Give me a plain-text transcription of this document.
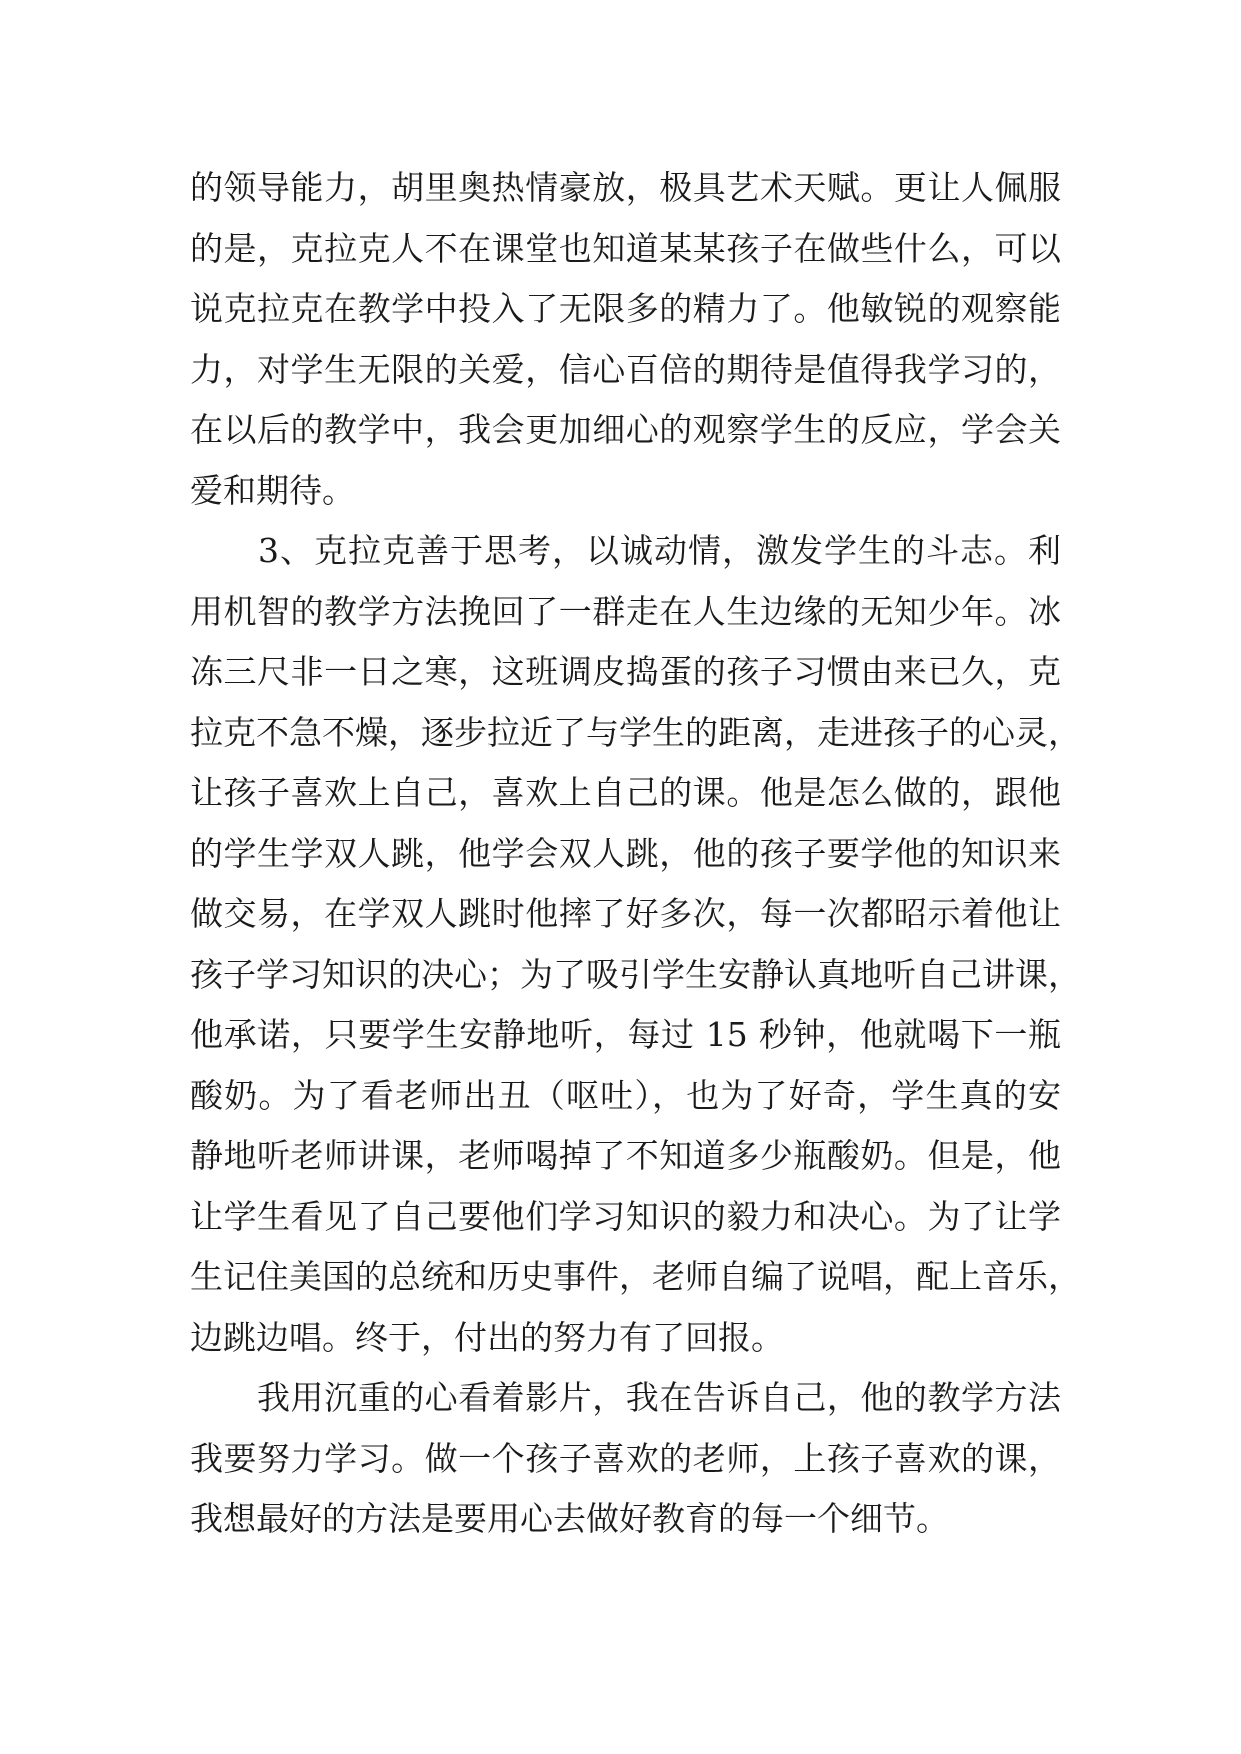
的领导能力，胡里奥热情豪放，极具艺术天赋。更让人佩服
的是，克拉克人不在课堂也知道某某孩子在做些什么，可以
说克拉克在教学中投入了无限多的精力了。他敏锐的观察能
力，对学生无限的关爱，信心百倍的期待是值得我学习的，
在以后的教学中，我会更加细心的观察学生的反应，学会关
爱和期待。
　　3、克拉克善于思考，以诚动情，激发学生的斗志。利
用机智的教学方法挽回了一群走在人生边缘的无知少年。冰
冻三尺非一日之寒，这班调皮捣蛋的孩子习惯由来已久，克
拉克不急不燥，逐步拉近了与学生的距离，走进孩子的心灵，
让孩子喜欢上自己，喜欢上自己的课。他是怎么做的，跟他
的学生学双人跳，他学会双人跳，他的孩子要学他的知识来
做交易，在学双人跳时他摔了好多次，每一次都昭示着他让
孩子学习知识的决心；为了吸引学生安静认真地听自己讲课，
他承诺，只要学生安静地听，每过 15 秒钟，他就喝下一瓶
酸奶。为了看老师出丑（呕吐），也为了好奇，学生真的安
静地听老师讲课，老师喝掉了不知道多少瓶酸奶。但是，他
让学生看见了自己要他们学习知识的毅力和决心。为了让学
生记住美国的总统和历史事件，老师自编了说唱，配上音乐，
边跳边唱。终于，付出的努力有了回报。
　　我用沉重的心看着影片，我在告诉自己，他的教学方法
我要努力学习。做一个孩子喜欢的老师，上孩子喜欢的课，
我想最好的方法是要用心去做好教育的每一个细节。
